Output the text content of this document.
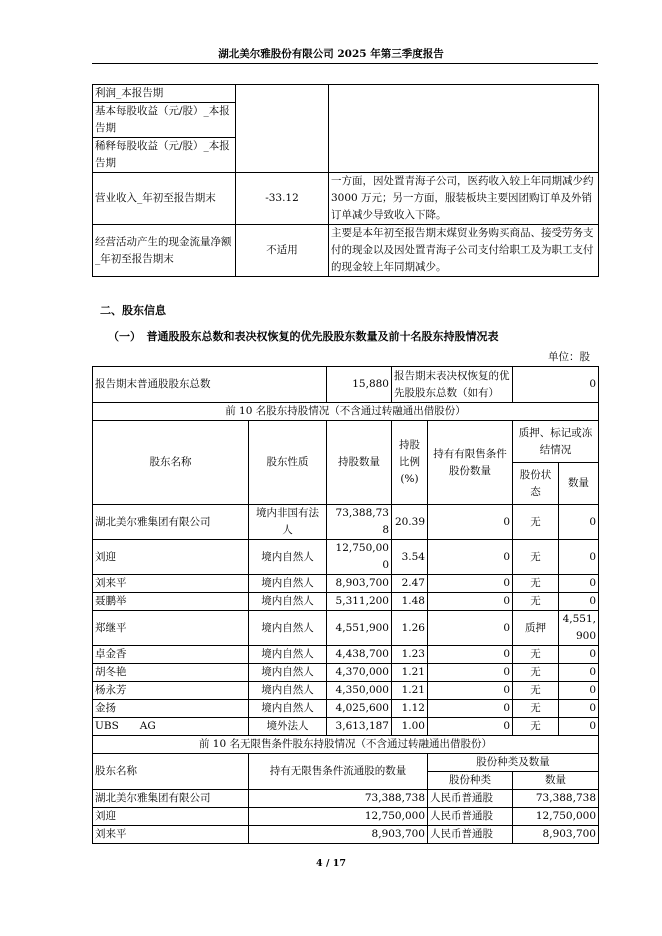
湖北美尔雅股份有限公司 2025 年第三季度报告
利润_本报告期		
基本每股收益（元/股）_本报告期		
稀释每股收益（元/股）_本报告期		
营业收入_年初至报告期末	-33.12	一方面，因处置青海子公司，医药收入较上年同期减少约 3000 万元；另一方面，服装板块主要因团购订单及外销订单减少导致收入下降。
经营活动产生的现金流量净额_年初至报告期末	不适用	主要是本年初至报告期末煤贸业务购买商品、接受劳务支付的现金以及因处置青海子公司支付给职工及为职工支付的现金较上年同期减少。
二、股东信息
（一）　普通股股东总数和表决权恢复的优先股股东数量及前十名股东持股情况表
单位：股
报告期末普通股股东总数		15,880	报告期末表决权恢复的优先股股东总数（如有）		0	
前 10 名股东持股情况（不含通过转融通出借股份）						
股东名称	股东性质	持股数量	持股比例(%)	持有有限售条件股份数量	质押、标记或冻结情况	
					股份状态	数量
湖北美尔雅集团有限公司	境内非国有法人	73,388,738	20.39	0	无	0
刘迎	境内自然人	12,750,000	3.54	0	无	0
刘来平	境内自然人	8,903,700	2.47	0	无	0
聂鹏举	境内自然人	5,311,200	1.48	0	无	0
郑继平	境内自然人	4,551,900	1.26	0	质押	4,551,900
卓金香	境内自然人	4,438,700	1.23	0	无	0
胡冬艳	境内自然人	4,370,000	1.21	0	无	0
杨永芳	境内自然人	4,350,000	1.21	0	无	0
金扬	境内自然人	4,025,600	1.12	0	无	0
UBS　　AG	境外法人	3,613,187	1.00	0	无	0
前 10 名无限售条件股东持股情况（不含通过转融通出借股份）						
股东名称	持有无限售条件流通股的数量			股份种类及数量		
				股份种类	数量	
湖北美尔雅集团有限公司	73,388,738			人民币普通股	73,388,738	
刘迎	12,750,000			人民币普通股	12,750,000	
刘来平	8,903,700			人民币普通股	8,903,700	
4 / 17
